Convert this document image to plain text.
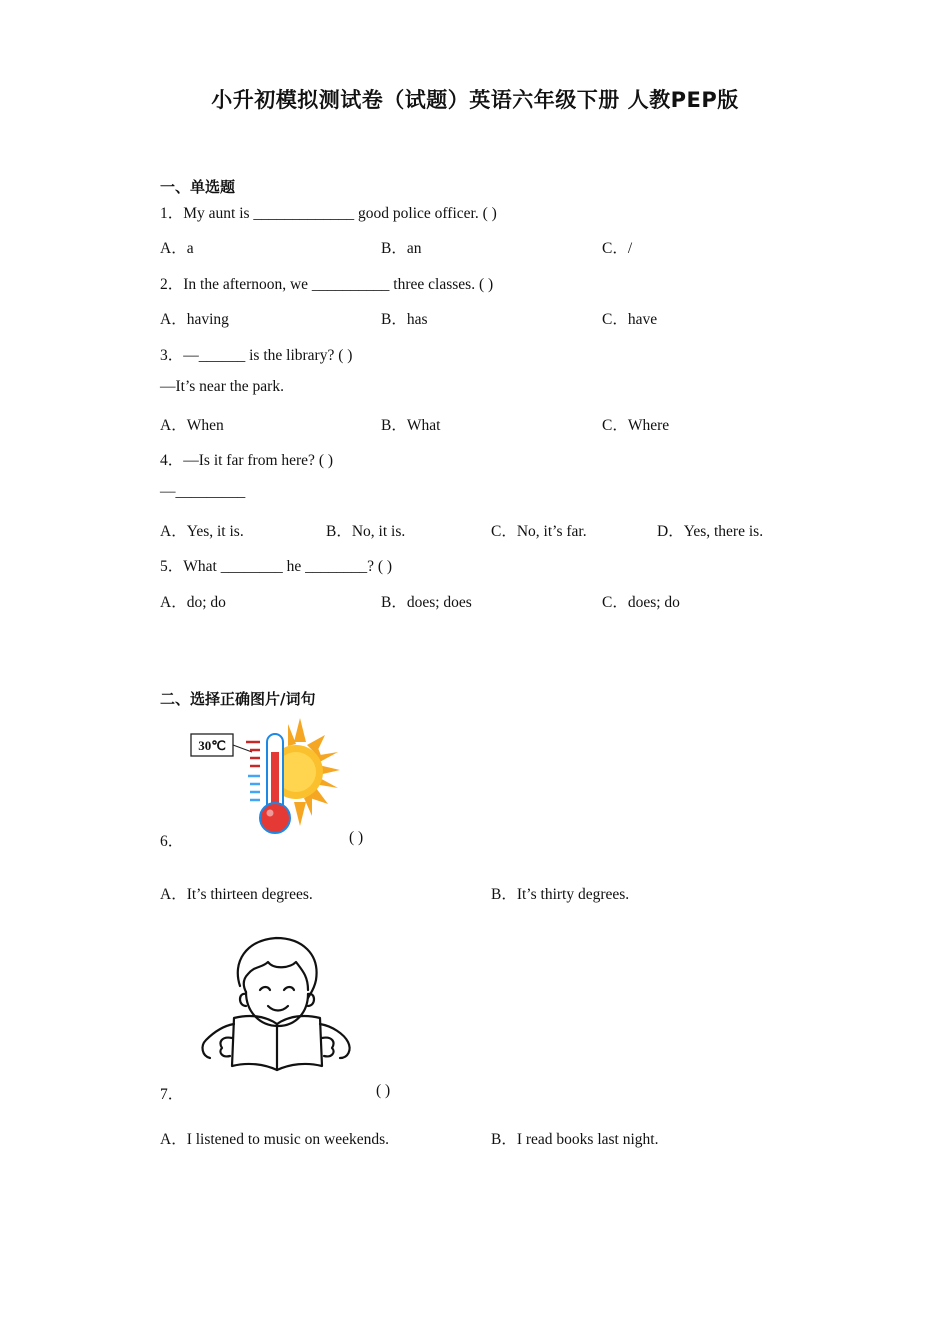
小升初模拟测试卷（试题）英语六年级下册 人教PEP版
一、单选题
1．My aunt is _____________ good police officer. ( )
A．a	B．an	C．/
2．In the afternoon, we __________ three classes. ( )
A．having	B．has	C．have
3．—______ is the library? ( )
—It’s near the park.
A．When	B．What	C．Where
4．—Is it far from here? ( )
—_________
A．Yes, it is.	B．No, it is.	C．No, it’s far.	D．Yes, there is.
5．What ________ he ________? ( )
A．do; do	B．does; does	C．does; do
二、选择正确图片/词句
30℃
6．	( )
A．It’s thirteen degrees.	B．It’s thirty degrees.
7．	( )
A．I listened to music on weekends.	B．I read books last night.
